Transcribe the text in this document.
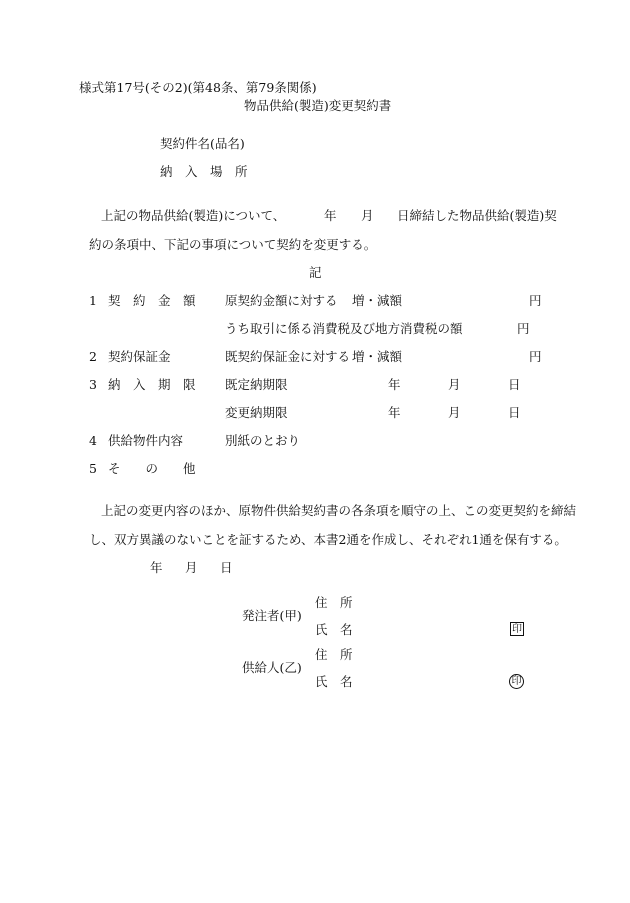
様式第17号(その2)(第48条、第79条関係)
物品供給(製造)変更契約書
契約件名(品名)
納　入　場　所
上記の物品供給(製造)について、	年 月 日締結した物品供給(製造)契
約の条項中、下記の事項について契約を変更する。
記
1 契　約　金　額 原契約金額に対する 増・減額	円
うち取引に係る消費税及び地方消費税の額	円
2 契約保証金	既契約保証金に対する 増・減額	円
3 納　入　期　限 既定納期限	年	月	日
変更納期限	年	月	日
4 供給物件内容	別紙のとおり
5 そ　　の　　他
上記の変更内容のほか、原物件供給契約書の各条項を順守の上、この変更契約を締結
し、双方異議のないことを証するため、本書2通を作成し、それぞれ1通を保有する。
年 月 日
発注者(甲)
住　所
氏　名	印
供給人(乙)
住　所
氏　名	印
